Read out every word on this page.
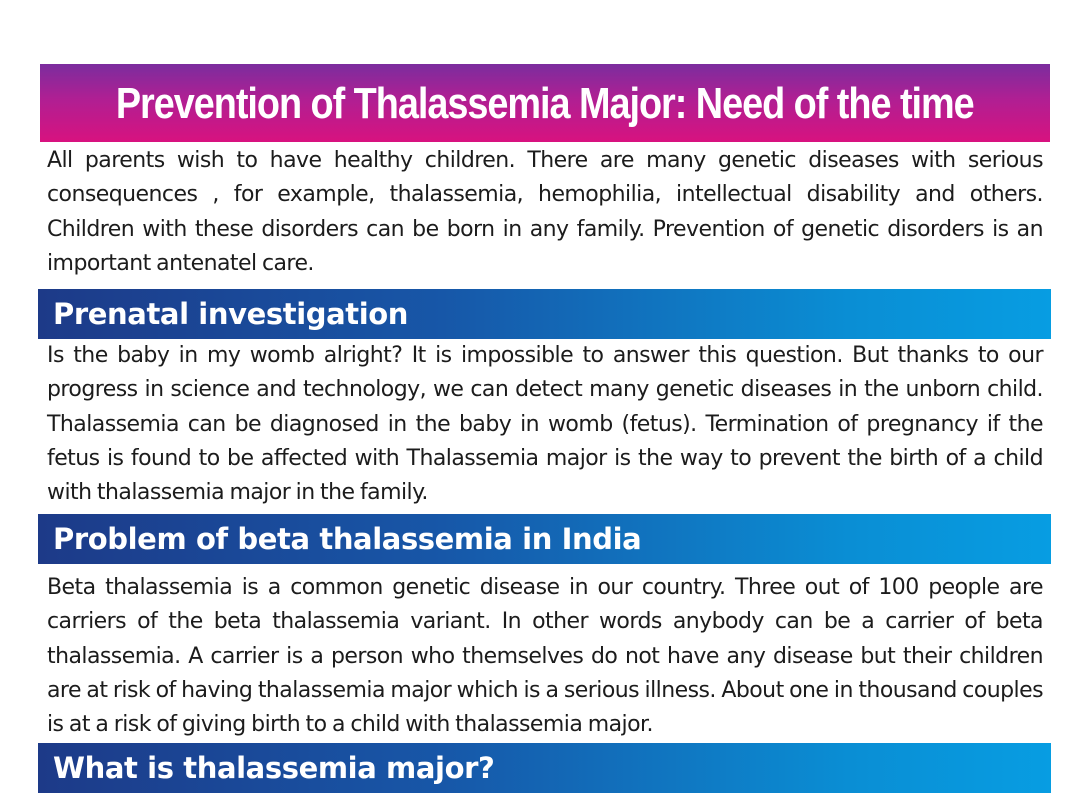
Prevention of Thalassemia Major: Need of the time

All parents wish to have healthy children. There are many genetic diseases with serious consequences , for example, thalassemia, hemophilia, intellectual disability and others. Children with these disorders can be born in any family. Prevention of genetic disorders is an important antenatel care.

Prenatal investigation

Is the baby in my womb alright? It is impossible to answer this question. But thanks to our progress in science and technology, we can detect many genetic diseases in the unborn child. Thalassemia can be diagnosed in the baby in womb (fetus). Termination of pregnancy if the fetus is found to be affected with Thalassemia major is the way to prevent the birth of a child with thalassemia major in the family.

Problem of beta thalassemia in India

Beta thalassemia is a common genetic disease in our country. Three out of 100 people are carriers of the beta thalassemia variant. In other words anybody can be a carrier of beta thalassemia. A carrier is a person who themselves do not have any disease but their children are at risk of having thalassemia major which is a serious illness. About one in thousand couples is at a risk of giving birth to a child with thalassemia major.

What is thalassemia major?
